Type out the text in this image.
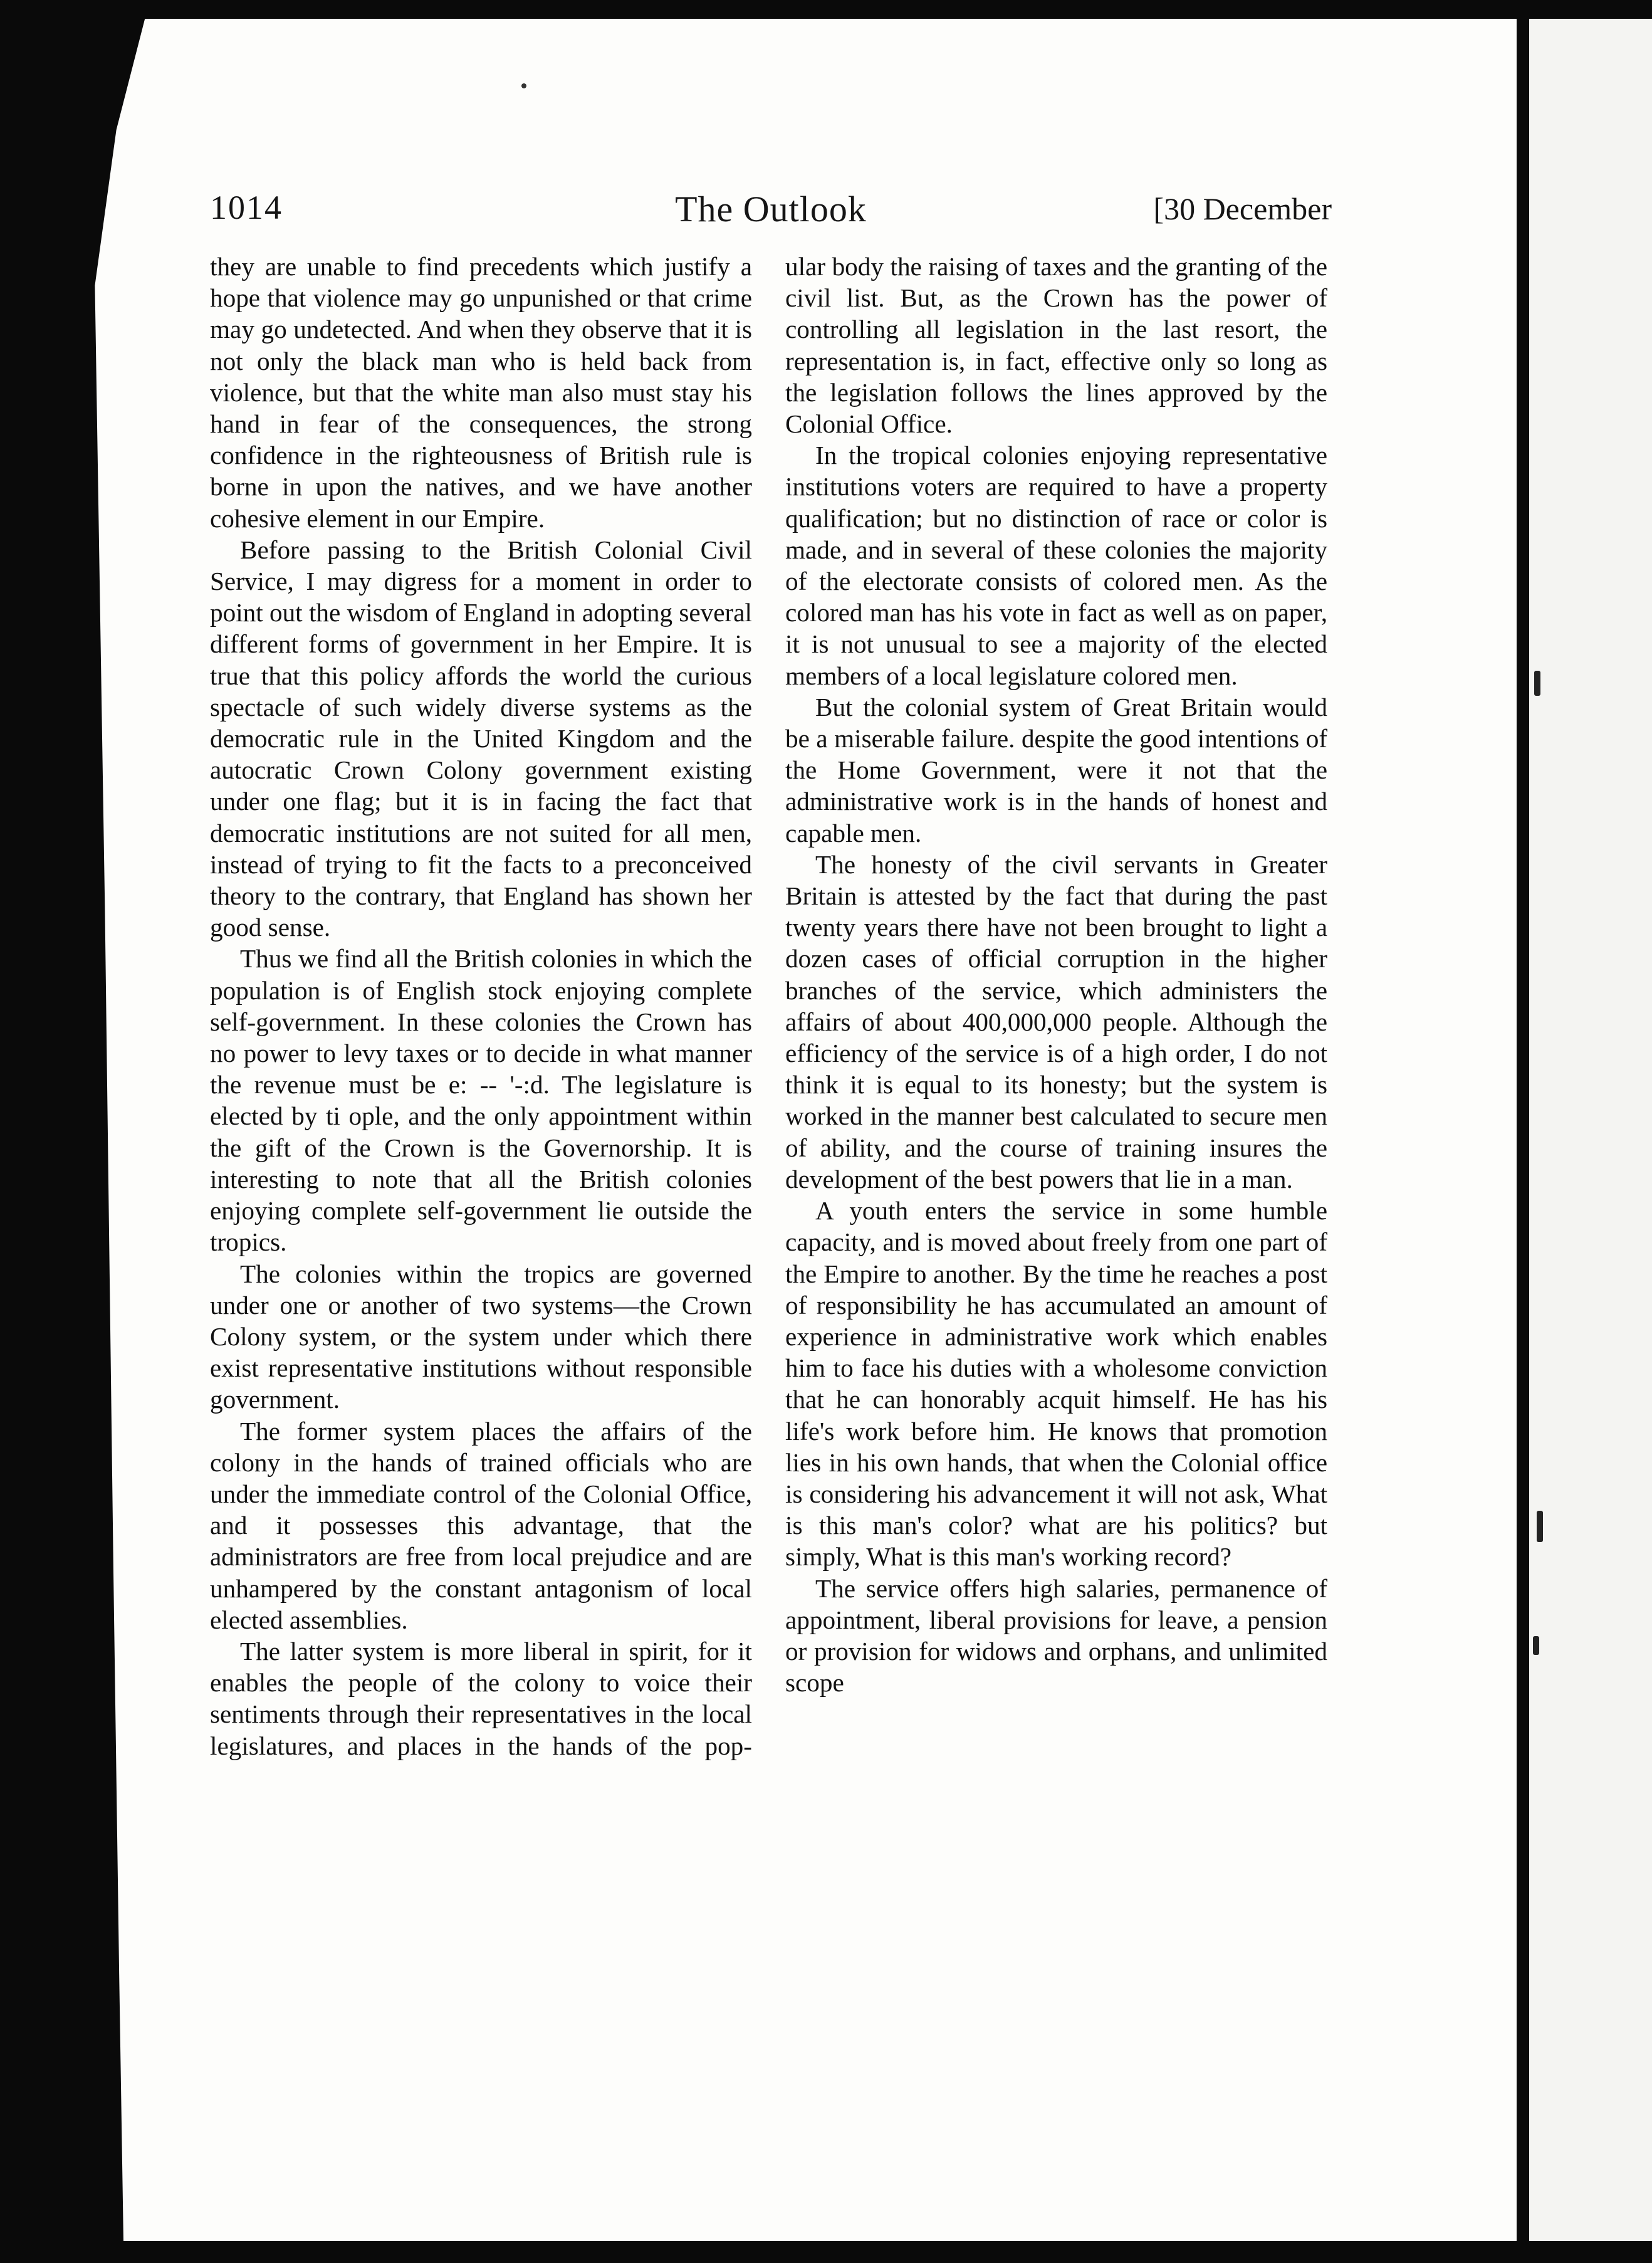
1014	The Outlook	[30 December

they are unable to find precedents which justify a hope that violence may go unpunished or that crime may go undetected. And when they observe that it is not only the black man who is held back from violence, but that the white man also must stay his hand in fear of the consequences, the strong confidence in the righteousness of British rule is borne in upon the natives, and we have another cohesive element in our Empire.

Before passing to the British Colonial Civil Service, I may digress for a moment in order to point out the wisdom of England in adopting several different forms of government in her Empire. It is true that this policy affords the world the curious spectacle of such widely diverse systems as the democratic rule in the United Kingdom and the autocratic Crown Colony government existing under one flag; but it is in facing the fact that democratic institutions are not suited for all men, instead of trying to fit the facts to a preconceived theory to the contrary, that England has shown her good sense.

Thus we find all the British colonies in which the population is of English stock enjoying complete self-government. In these colonies the Crown has no power to levy taxes or to decide in what manner the revenue must be e: -- '-:d. The legislature is elected by ti ople, and the only appointment within the gift of the Crown is the Governorship. It is interesting to note that all the British colonies enjoying complete self-government lie outside the tropics.

The colonies within the tropics are governed under one or another of two systems—the Crown Colony system, or the system under which there exist representative institutions without responsible government.

The former system places the affairs of the colony in the hands of trained officials who are under the immediate control of the Colonial Office, and it possesses this advantage, that the administrators are free from local prejudice and are unhampered by the constant antagonism of local elected assemblies.

The latter system is more liberal in spirit, for it enables the people of the colony to voice their sentiments through their representatives in the local legislatures, and places in the hands of the pop-

ular body the raising of taxes and the granting of the civil list. But, as the Crown has the power of controlling all legislation in the last resort, the representation is, in fact, effective only so long as the legislation follows the lines approved by the Colonial Office.

In the tropical colonies enjoying representative institutions voters are required to have a property qualification; but no distinction of race or color is made, and in several of these colonies the majority of the electorate consists of colored men. As the colored man has his vote in fact as well as on paper, it is not unusual to see a majority of the elected members of a local legislature colored men.

But the colonial system of Great Britain would be a miserable failure. despite the good intentions of the Home Government, were it not that the administrative work is in the hands of honest and capable men.

The honesty of the civil servants in Greater Britain is attested by the fact that during the past twenty years there have not been brought to light a dozen cases of official corruption in the higher branches of the service, which administers the affairs of about 400,000,000 people. Although the efficiency of the service is of a high order, I do not think it is equal to its honesty; but the system is worked in the manner best calculated to secure men of ability, and the course of training insures the development of the best powers that lie in a man.

A youth enters the service in some humble capacity, and is moved about freely from one part of the Empire to another. By the time he reaches a post of responsibility he has accumulated an amount of experience in administrative work which enables him to face his duties with a wholesome conviction that he can honorably acquit himself. He has his life's work before him. He knows that promotion lies in his own hands, that when the Colonial office is considering his advancement it will not ask, What is this man's color? what are his politics? but simply, What is this man's working record?

The service offers high salaries, permanence of appointment, liberal provisions for leave, a pension or provision for widows and orphans, and unlimited scope
